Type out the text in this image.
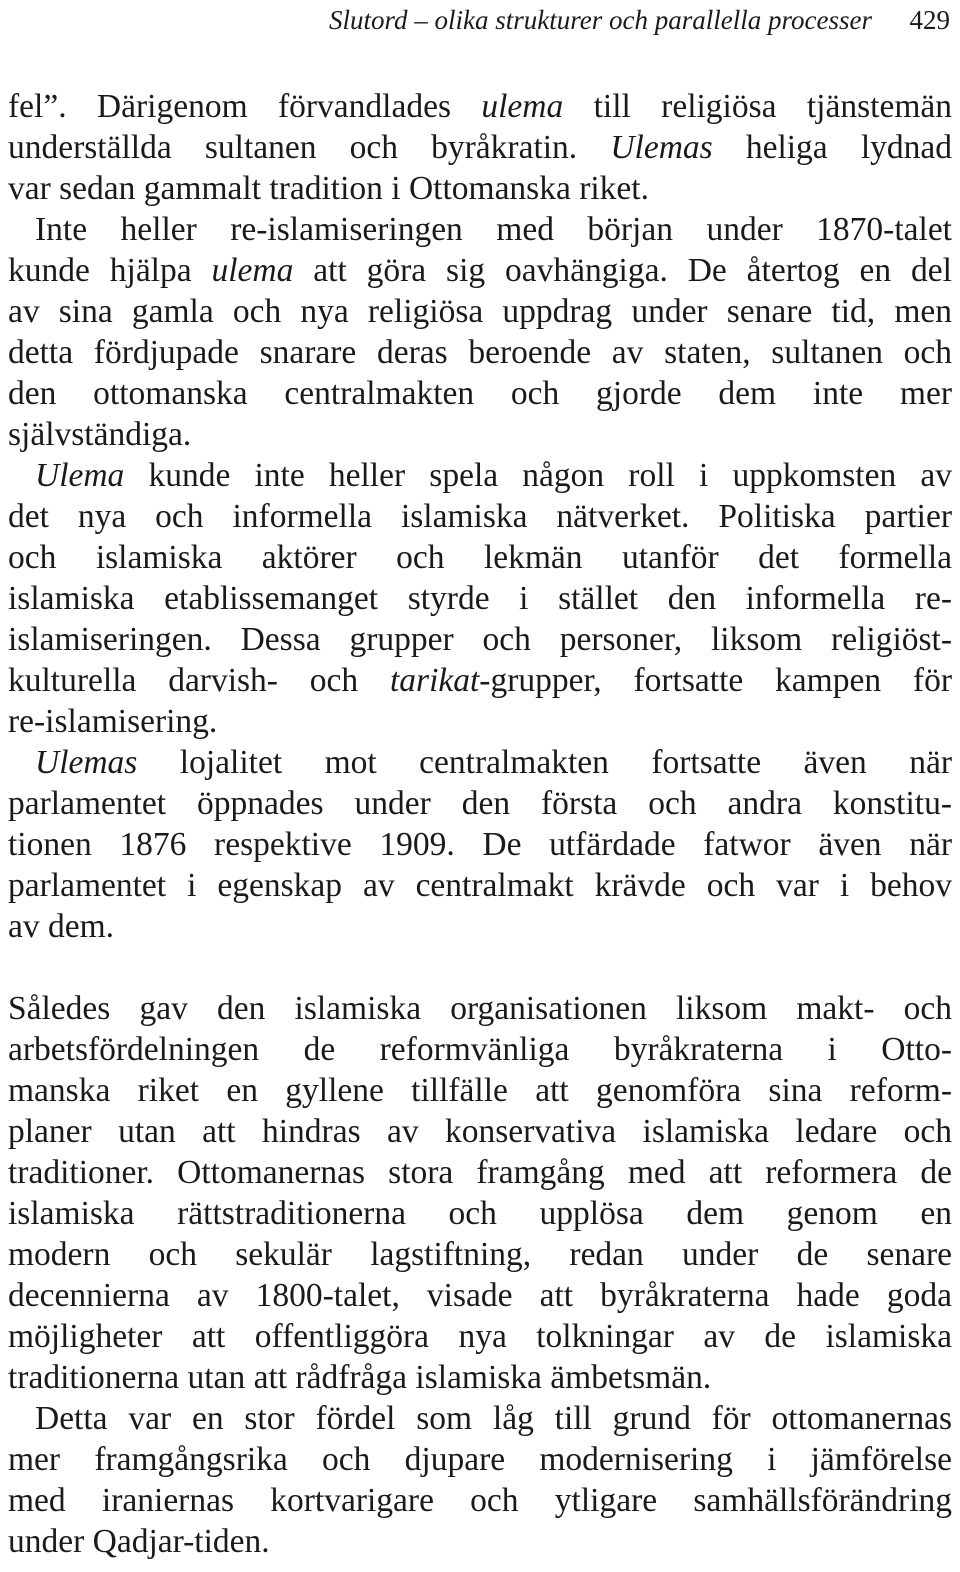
Slutord – olika strukturer och parallella processer 429
fel”. Därigenom förvandlades ulema till religiösa tjänstemän
underställda sultanen och byråkratin. Ulemas heliga lydnad
var sedan gammalt tradition i Ottomanska riket.
Inte heller re-islamiseringen med början under 1870-talet
kunde hjälpa ulema att göra sig oavhängiga. De återtog en del
av sina gamla och nya religiösa uppdrag under senare tid, men
detta fördjupade snarare deras beroende av staten, sultanen och
den ottomanska centralmakten och gjorde dem inte mer
självständiga.
Ulema kunde inte heller spela någon roll i uppkomsten av
det nya och informella islamiska nätverket. Politiska partier
och islamiska aktörer och lekmän utanför det formella
islamiska etablissemanget styrde i stället den informella re-
islamiseringen. Dessa grupper och personer, liksom religiöst-
kulturella darvish- och tarikat-grupper, fortsatte kampen för
re-islamisering.
Ulemas lojalitet mot centralmakten fortsatte även när
parlamentet öppnades under den första och andra konstitu-
tionen 1876 respektive 1909. De utfärdade fatwor även när
parlamentet i egenskap av centralmakt krävde och var i behov
av dem.
Således gav den islamiska organisationen liksom makt- och
arbetsfördelningen de reformvänliga byråkraterna i Otto-
manska riket en gyllene tillfälle att genomföra sina reform-
planer utan att hindras av konservativa islamiska ledare och
traditioner. Ottomanernas stora framgång med att reformera de
islamiska rättstraditionerna och upplösa dem genom en
modern och sekulär lagstiftning, redan under de senare
decennierna av 1800-talet, visade att byråkraterna hade goda
möjligheter att offentliggöra nya tolkningar av de islamiska
traditionerna utan att rådfråga islamiska ämbetsmän.
Detta var en stor fördel som låg till grund för ottomanernas
mer framgångsrika och djupare modernisering i jämförelse
med iraniernas kortvarigare och ytligare samhällsförändring
under Qadjar-tiden.
